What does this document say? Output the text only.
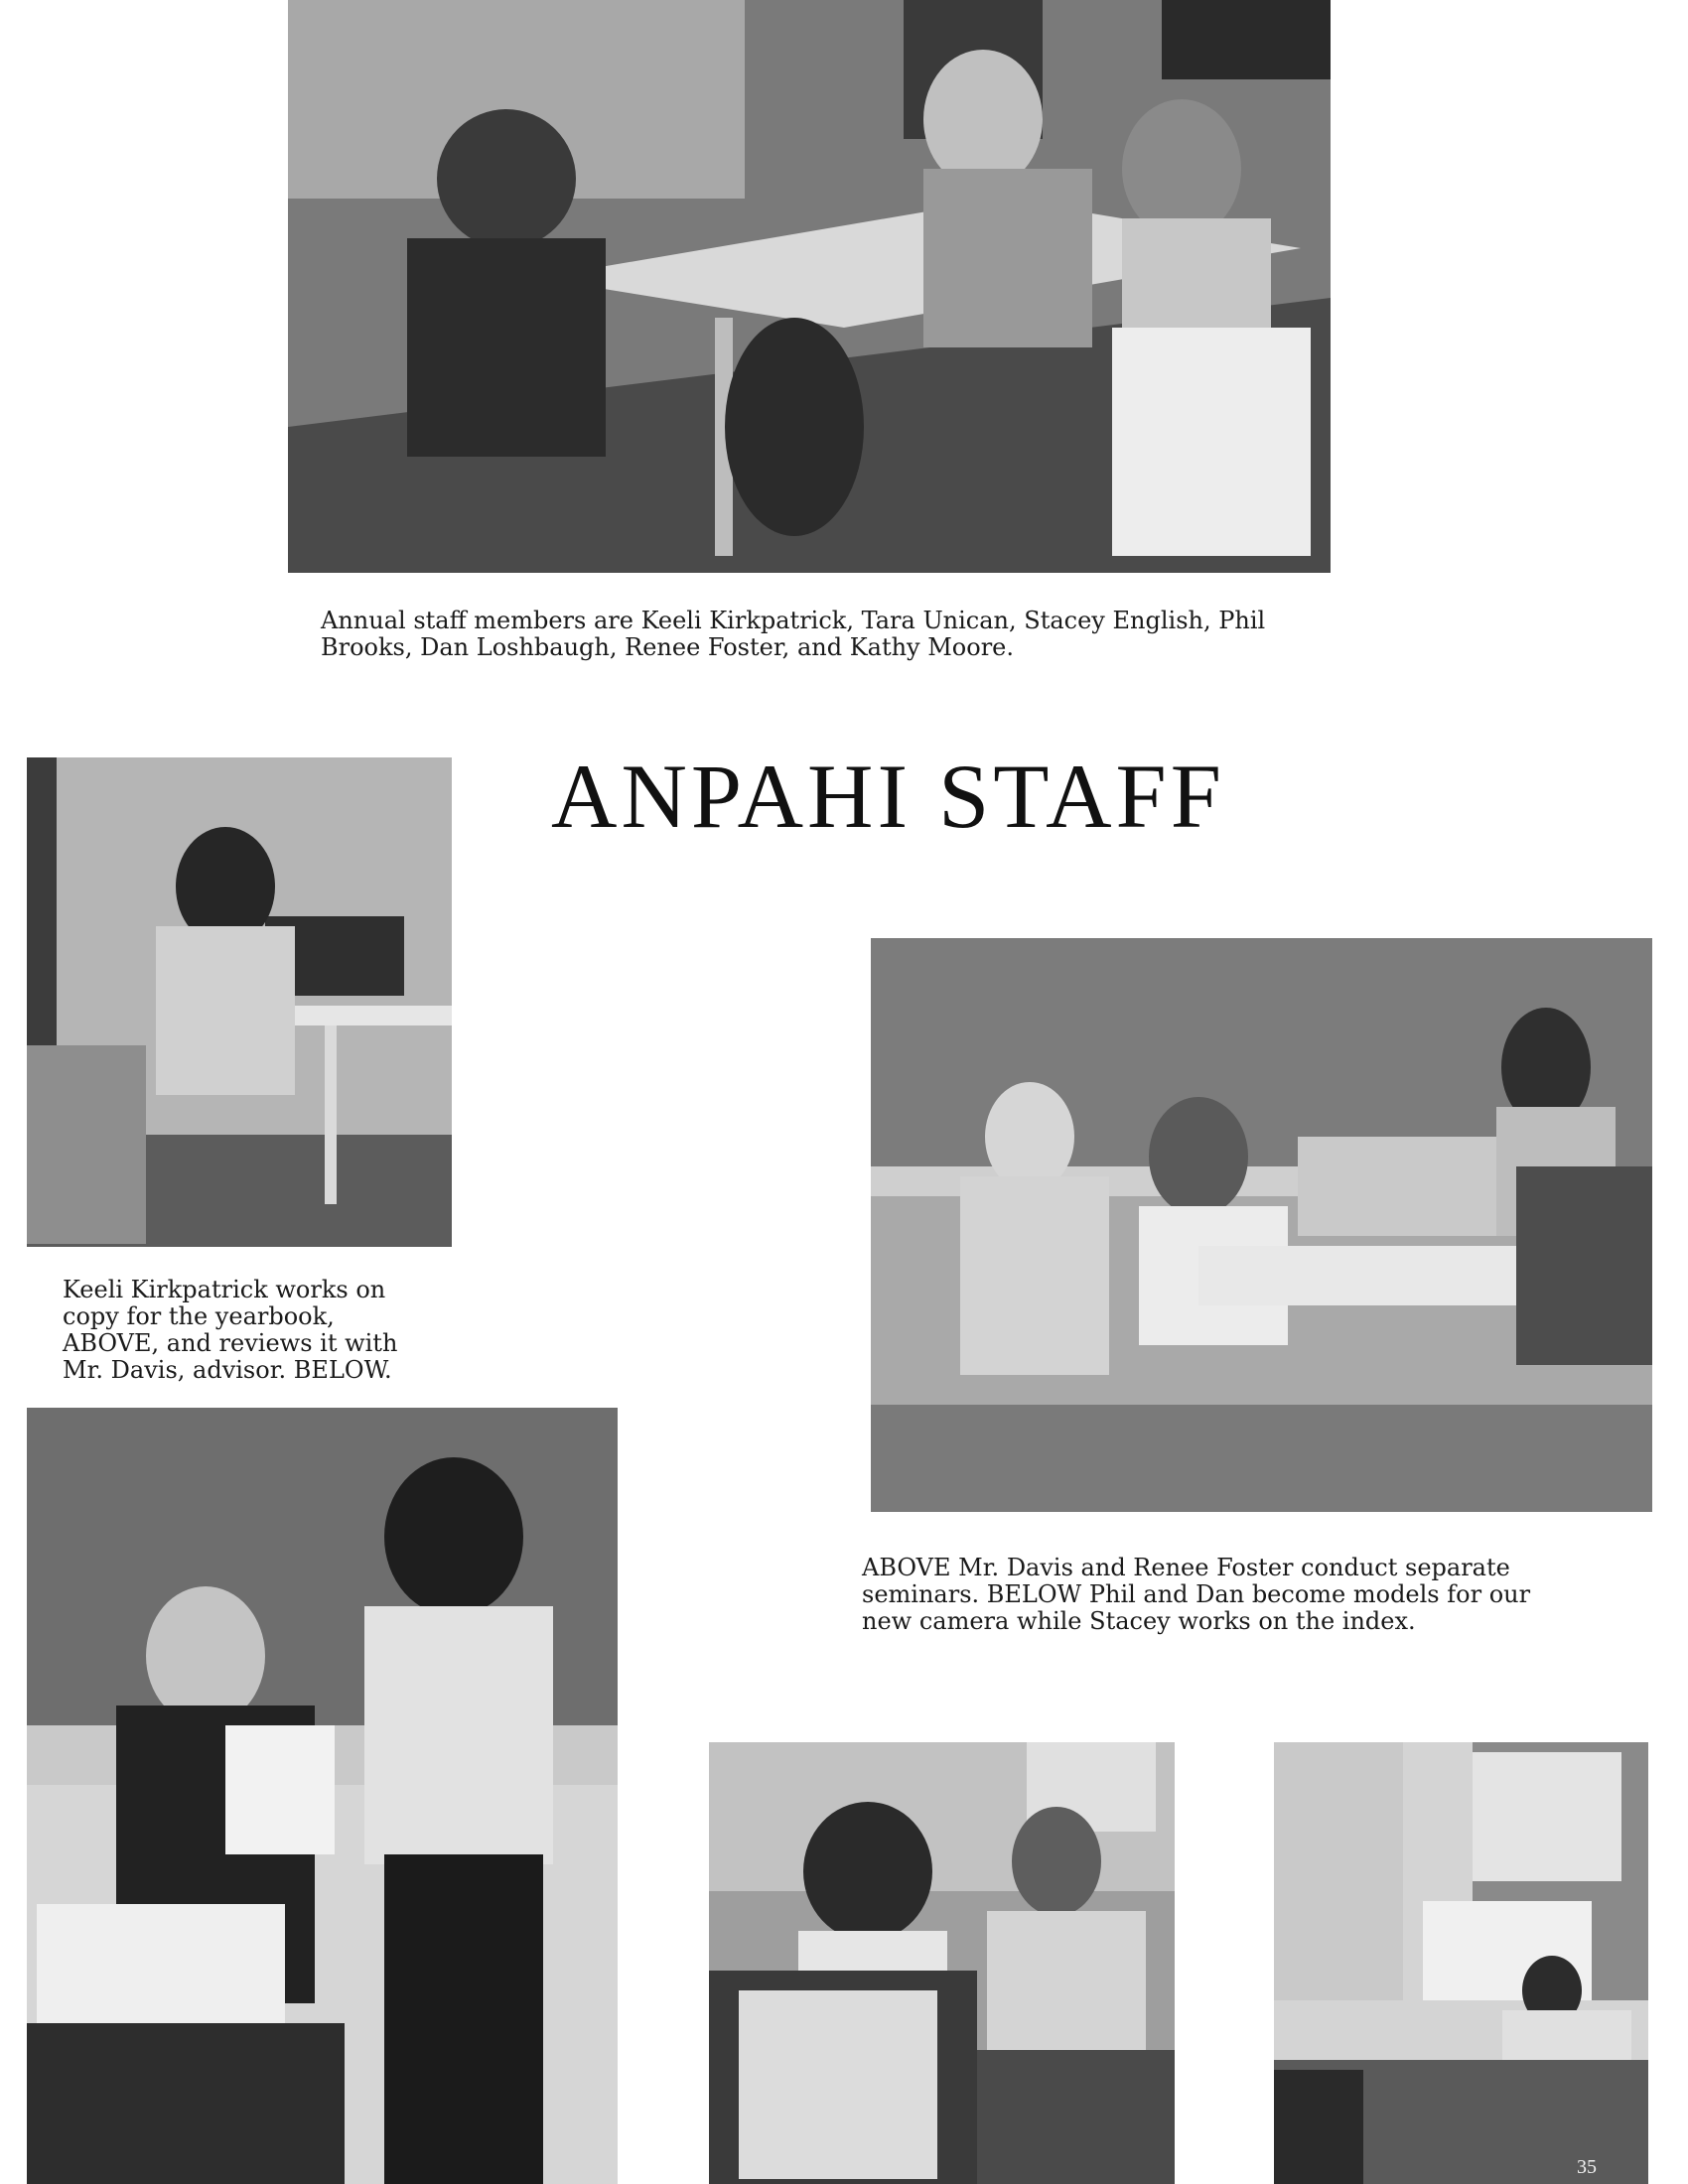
Annual staff members are Keeli Kirkpatrick, Tara Unican, Stacey English, Phil Brooks, Dan Loshbaugh, Renee Foster, and Kathy Moore.

ANPAHI STAFF

Keeli Kirkpatrick works on copy for the yearbook, ABOVE, and reviews it with Mr. Davis, advisor. BELOW.

ABOVE Mr. Davis and Renee Foster conduct separate seminars. BELOW Phil and Dan become models for our new camera while Stacey works on the index.

35
